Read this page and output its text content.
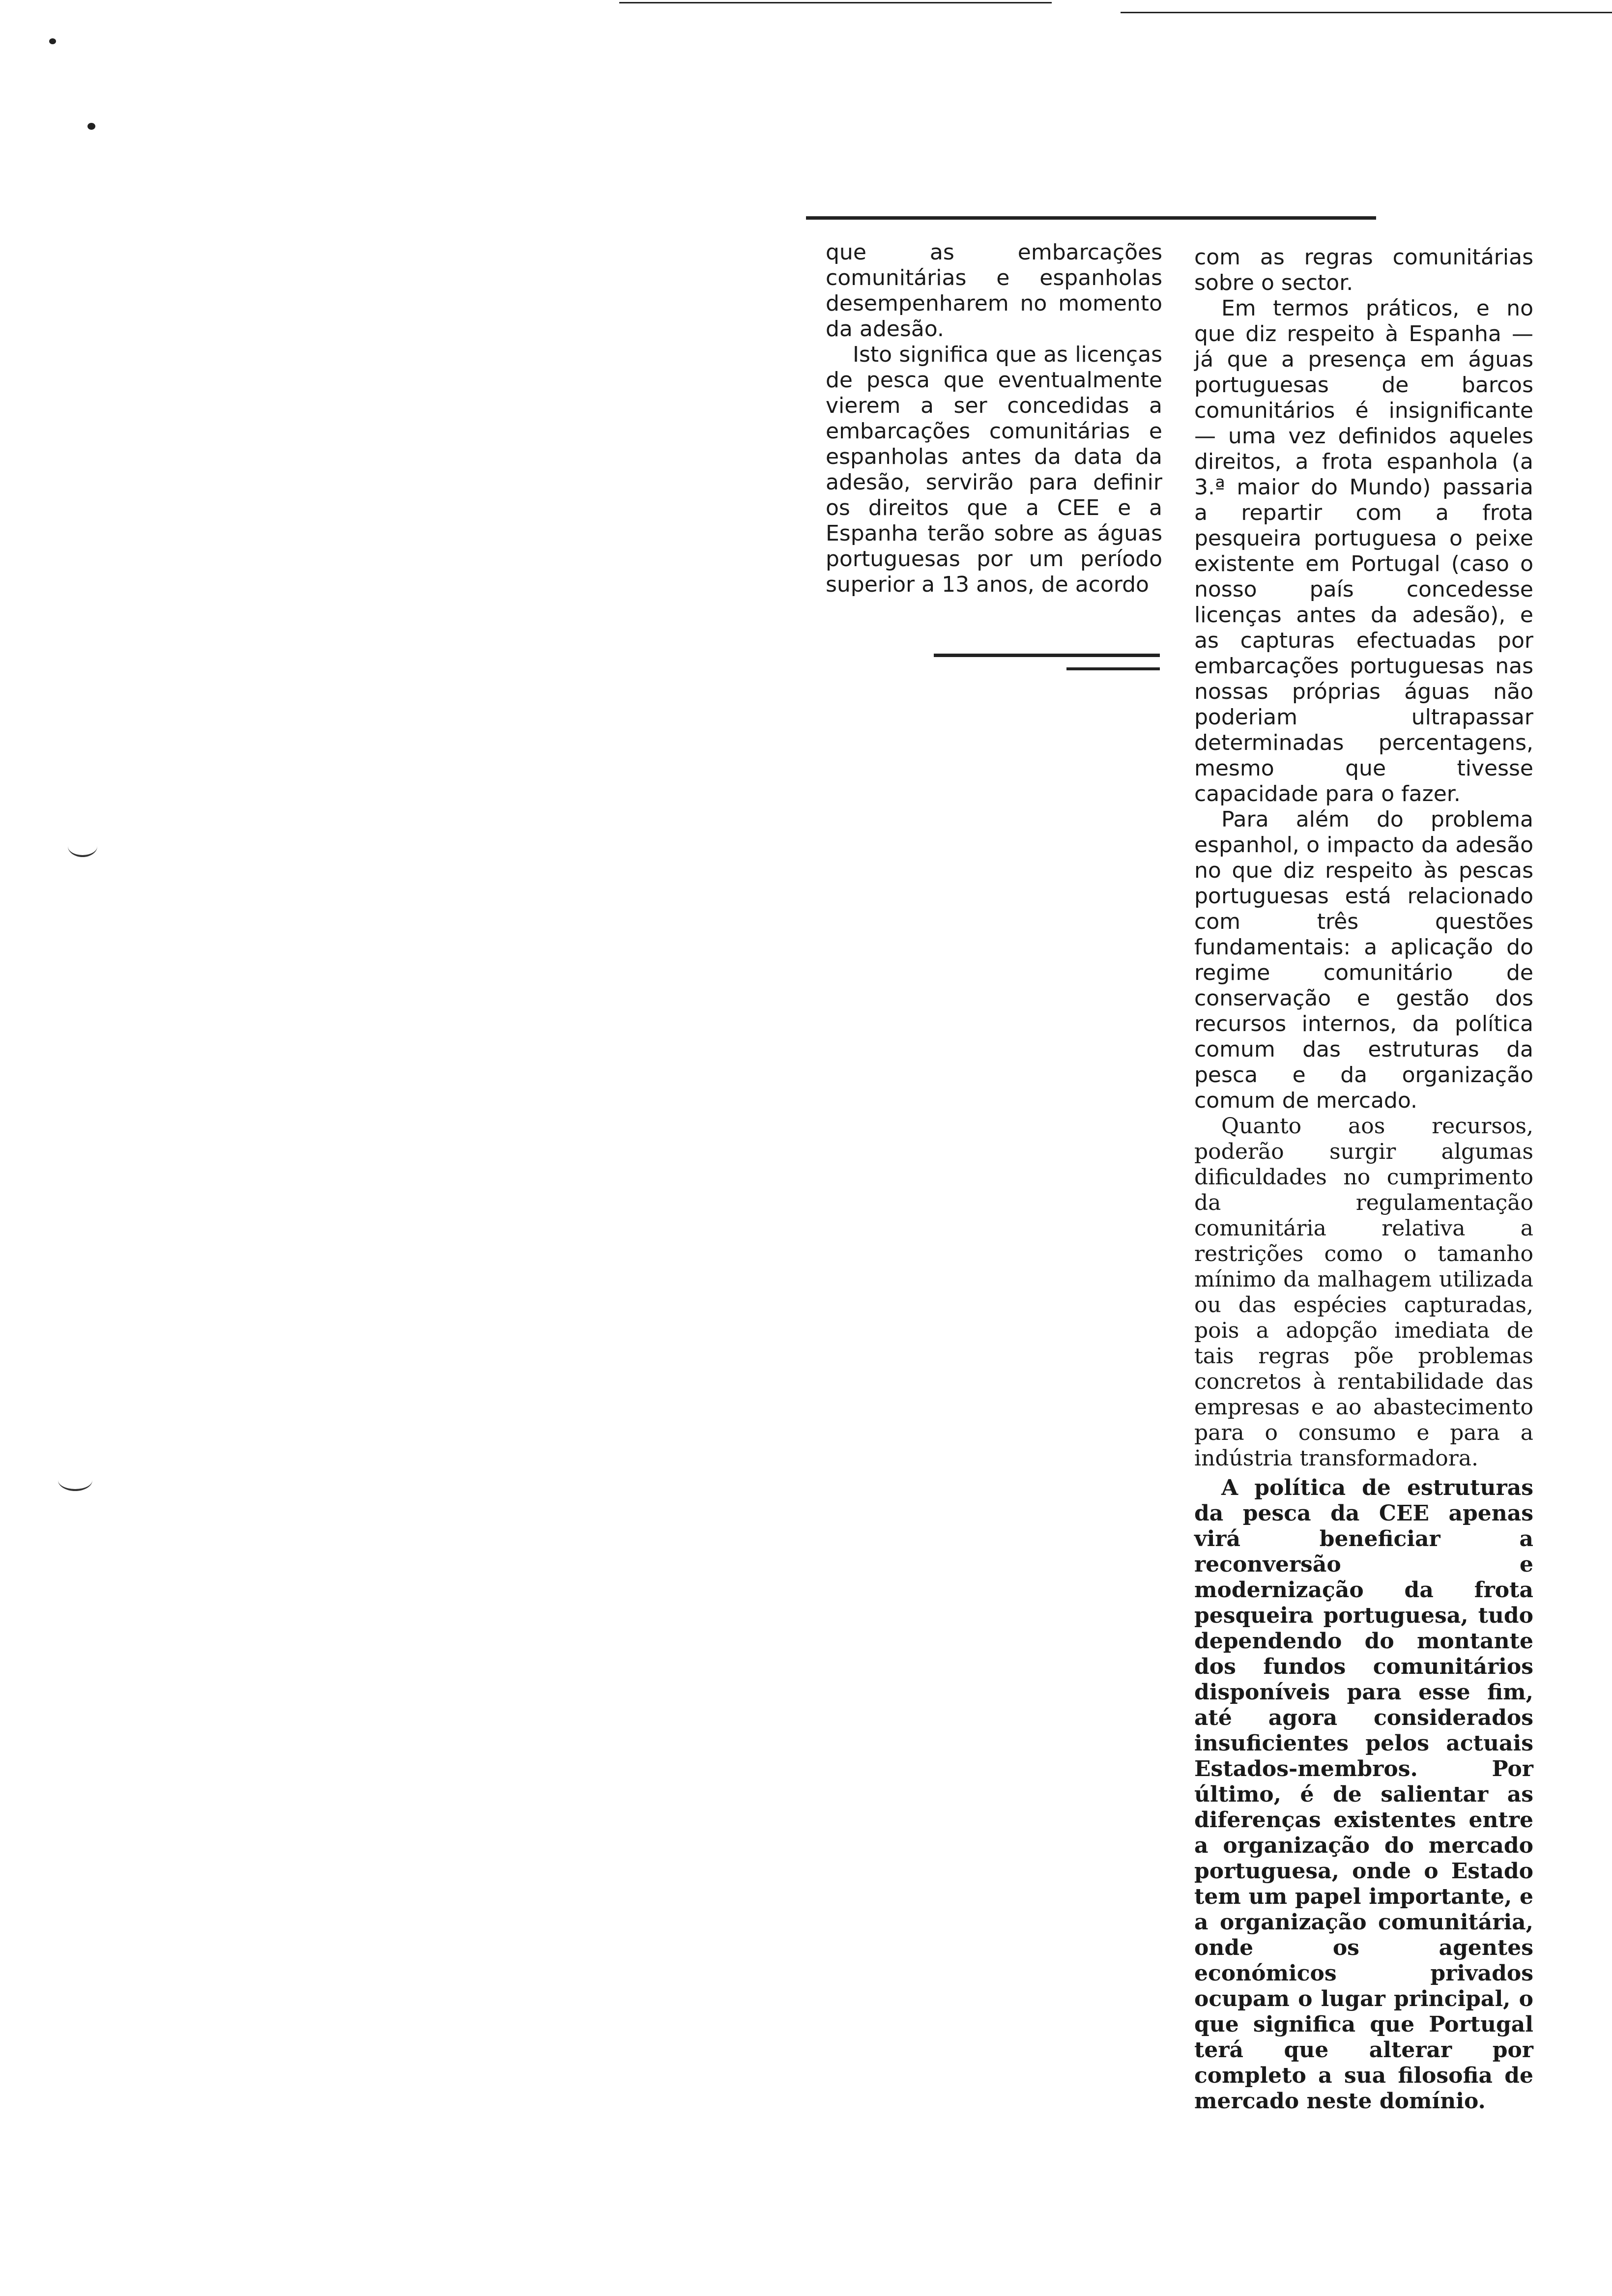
que as embarcações comunitárias e espanholas desempenharem no momento da adesão.

Isto significa que as licenças de pesca que eventualmente vierem a ser concedidas a embarcações comunitárias e espanholas antes da data da adesão, servirão para definir os direitos que a CEE e a Espanha terão sobre as águas portuguesas por um período superior a 13 anos, de acordo

com as regras comunitárias sobre o sector.

Em termos práticos, e no que diz respeito à Espanha — já que a presença em águas portuguesas de barcos comunitários é insignificante — uma vez definidos aqueles direitos, a frota espanhola (a 3.ª maior do Mundo) passaria a repartir com a frota pesqueira portuguesa o peixe existente em Portugal (caso o nosso país concedesse licenças antes da adesão), e as capturas efectuadas por embarcações portuguesas nas nossas próprias águas não poderiam ultrapassar determinadas percentagens, mesmo que tivesse capacidade para o fazer.

Para além do problema espanhol, o impacto da adesão no que diz respeito às pescas portuguesas está relacionado com três questões fundamentais: a aplicação do regime comunitário de conservação e gestão dos recursos internos, da política comum das estruturas da pesca e da organização comum de mercado.

Quanto aos recursos, poderão surgir algumas dificuldades no cumprimento da regulamentação comunitária relativa a restrições como o tamanho mínimo da malhagem utilizada ou das espécies capturadas, pois a adopção imediata de tais regras põe problemas concretos à rentabilidade das empresas e ao abastecimento para o consumo e para a indústria transformadora.

A política de estruturas da pesca da CEE apenas virá beneficiar a reconversão e modernização da frota pesqueira portuguesa, tudo dependendo do montante dos fundos comunitários disponíveis para esse fim, até agora considerados insuficientes pelos actuais Estados-membros. Por último, é de salientar as diferenças existentes entre a organização do mercado portuguesa, onde o Estado tem um papel importante, e a organização comunitária, onde os agentes económicos privados ocupam o lugar principal, o que significa que Portugal terá que alterar por completo a sua filosofia de mercado neste domínio.
